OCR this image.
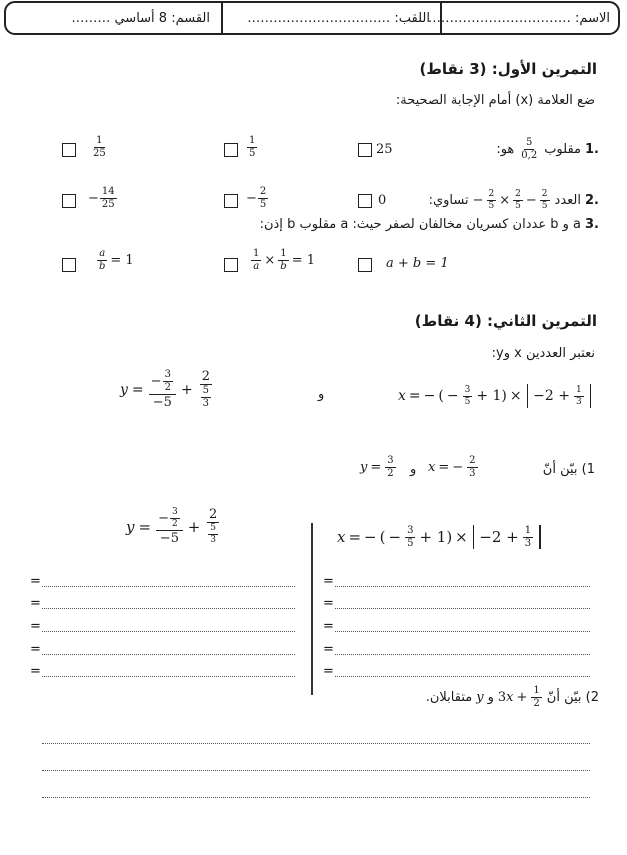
الاسم: ……………………………
اللقب: ……………………………
القسم: 8 أساسي ………
التمرين الأول: (3 نقاط)
ضع العلامة (x) أمام الإجابة الصحيحة:
.1
مقلوب
$\frac{5}{0,2}$
هو:
25
$\frac{1}{5}$
$\frac{1}{25}$
.2
العدد
− $\frac{2}{5} \times \frac{2}{5} - \frac{2}{5}$
تساوي:
0
− $\frac{2}{5}$
− $\frac{14}{25}$
.3
a و b عددان كسريان مخالفان لصفر حيث: a مقلوب b إذن:
a + b = 1
$\frac{1}{a} \times \frac{1}{b} = 1$
$\frac{a}{b} = 1$
التمرين الثاني: (4 نقاط)
نعتبر العددين x وy:
x = − ( − $\frac{3}{5} + 1) \times -2 + \frac{1}{3}$
و
$y = \frac{- \frac{3}{2}}{-5} + \frac{2}{\frac{5}{3}}$
1) بيّن أنّ
x = − $\frac{2}{3}$
و
$y = \frac{3}{2}$
x = − ( − $\frac{3}{5} + 1) \times -2 + \frac{1}{3}$
$y = \frac{- \frac{3}{2}}{-5} + \frac{2}{\frac{5}{3}}$
=
=
=
=
=
=
=
=
=
=
2) بيّن أنّ
$3x + \frac{1}{2}$
و
y
متقابلان.
